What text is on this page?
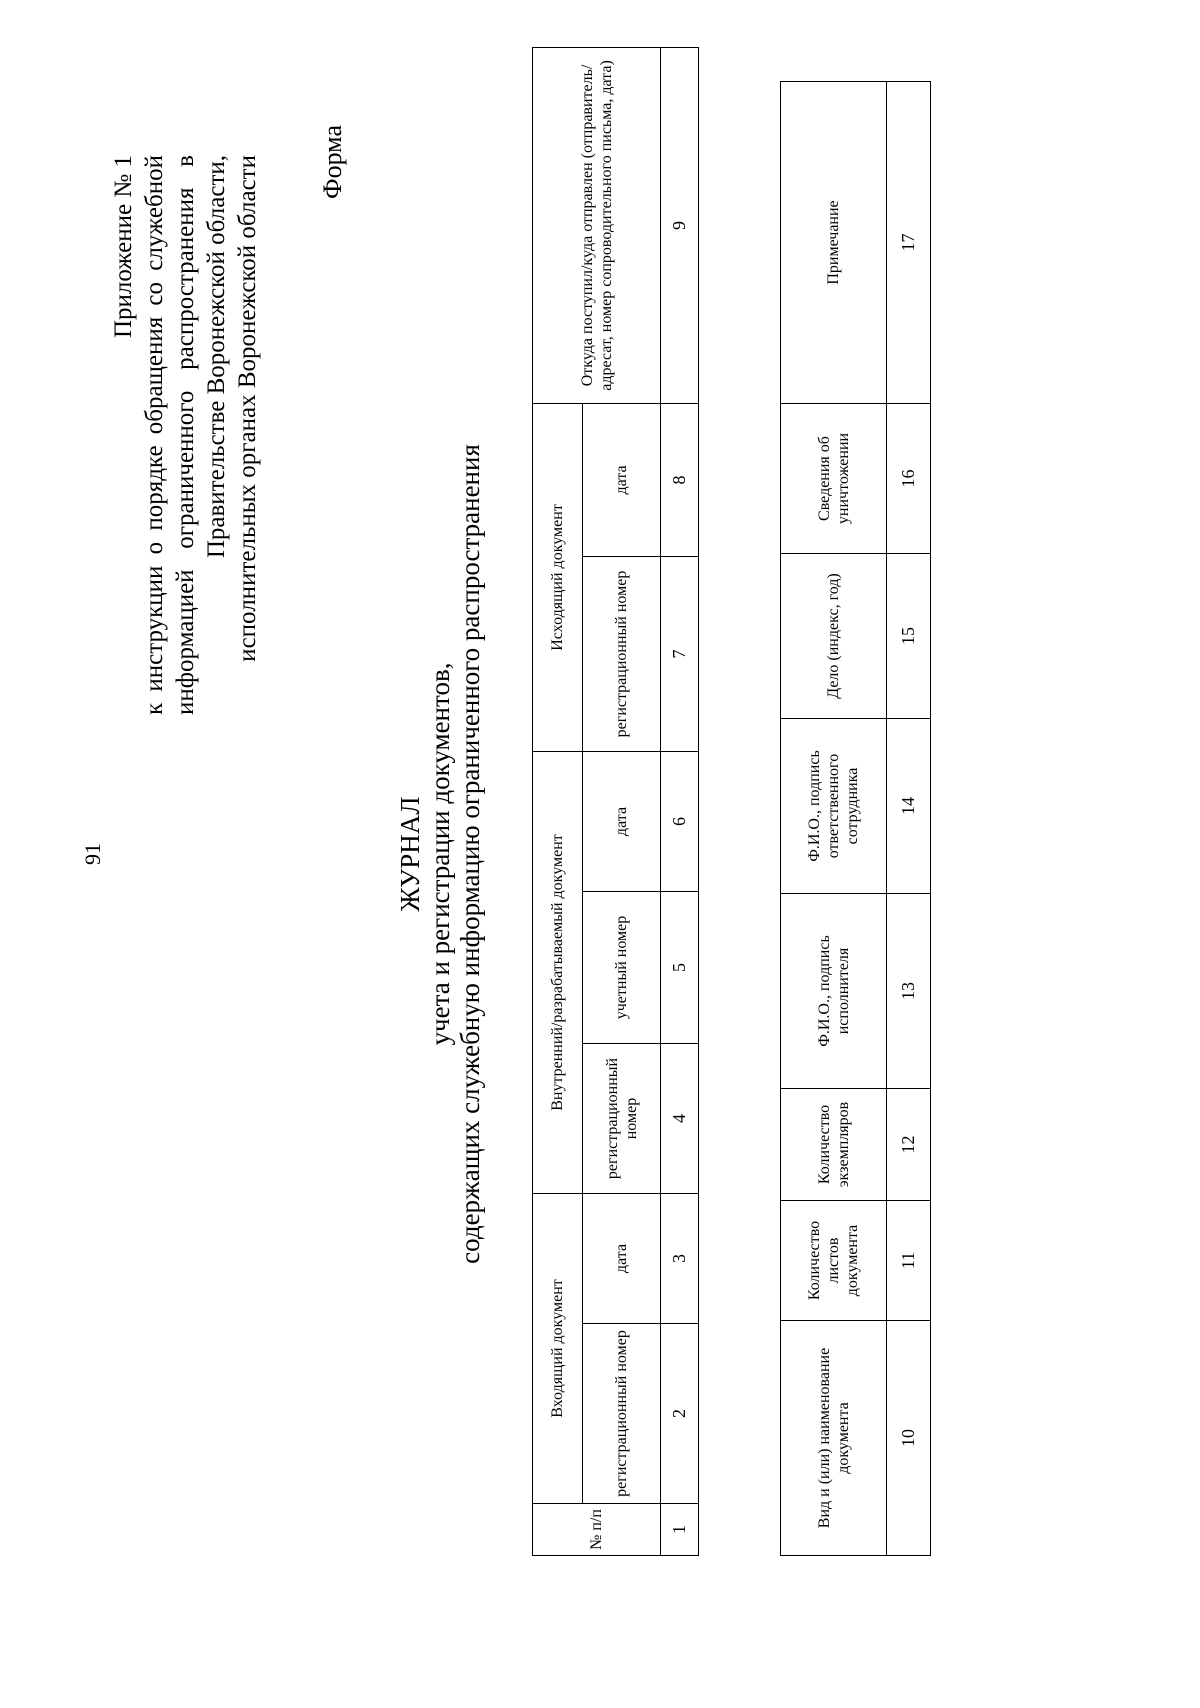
91
Приложение № 1 к инструкции о порядке обращения со служебной информацией ограниченного распространения в Правительстве Воронежской области, исполнительных органах Воронежской области Форма
ЖУРНАЛ учета и регистрации документов, содержащих служебную информацию ограниченного распространения
№ п/п	Входящий документ		Внутренний/разрабатываемый документ			Исходящий документ		Откуда поступил/куда отправлен (отправитель/адресат, номер сопроводительного письма, дата)
	регистрационный номер	дата	регистрационный номер	учетный номер	дата	регистрационный номер	дата	
1	2	3	4	5	6	7	8	9
Вид и (или) наименование документа	Количество листов документа	Количество экземпляров	Ф.И.О., подпись исполнителя	Ф.И.О., подпись ответственного сотрудника	Дело (индекс, год)	Сведения об уничтожении	Примечание
10	11	12	13	14	15	16	17
